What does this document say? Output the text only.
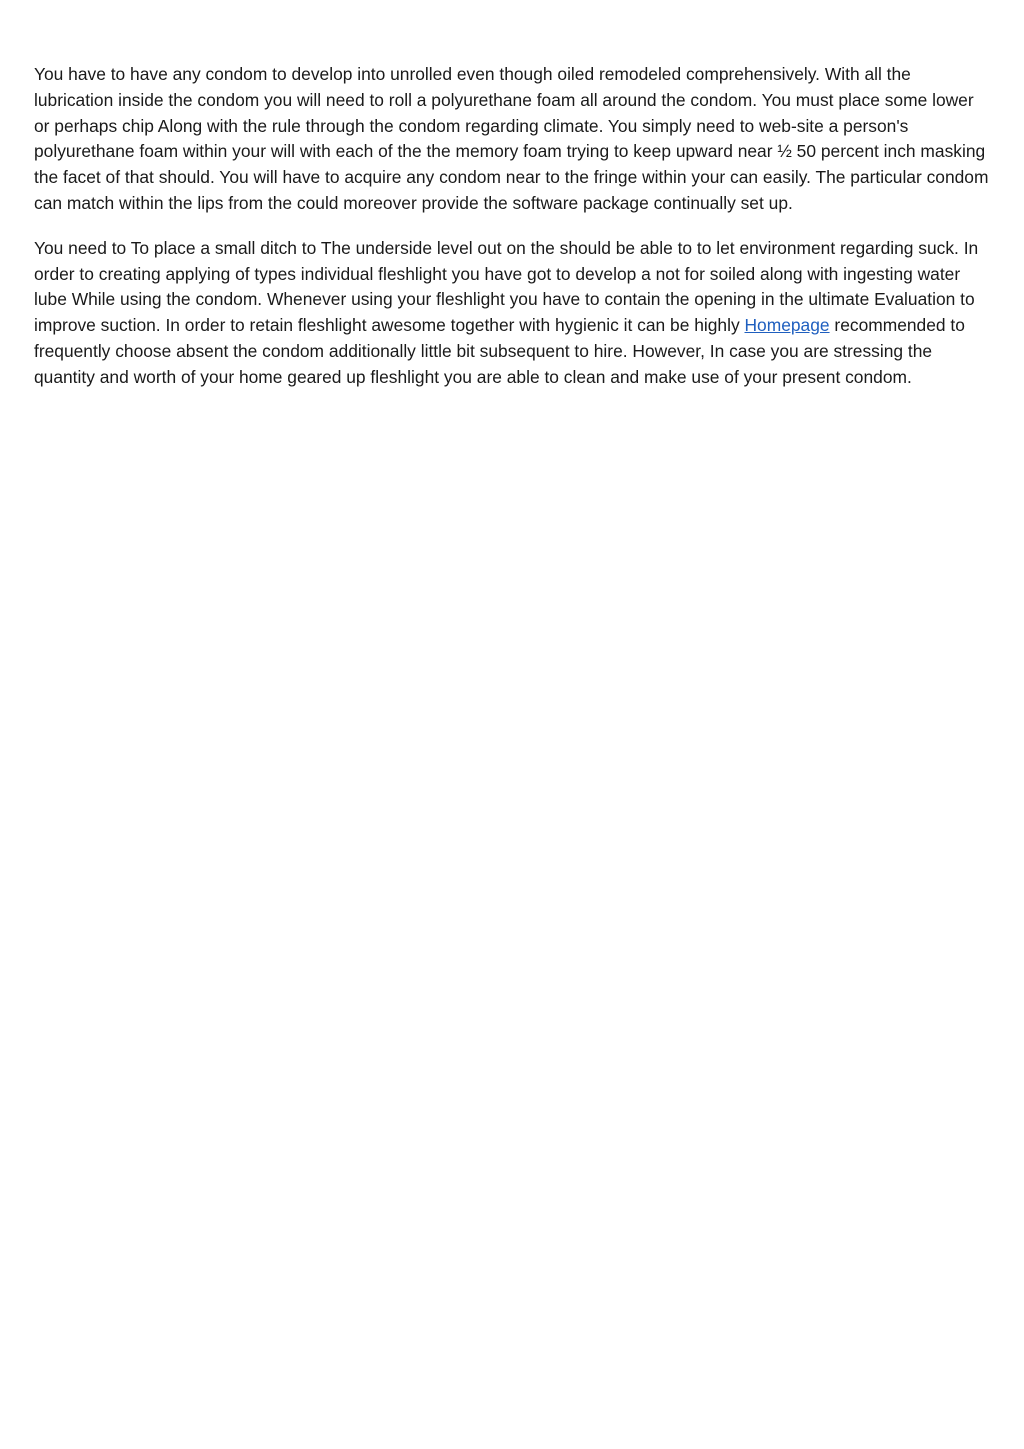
You have to have any condom to develop into unrolled even though oiled remodeled comprehensively. With all the lubrication inside the condom you will need to roll a polyurethane foam all around the condom. You must place some lower or perhaps chip Along with the rule through the condom regarding climate. You simply need to web-site a person's polyurethane foam within your will with each of the the memory foam trying to keep upward near ½ 50 percent inch masking the facet of that should. You will have to acquire any condom near to the fringe within your can easily. The particular condom can match within the lips from the could moreover provide the software package continually set up.

You need to To place a small ditch to The underside level out on the should be able to to let environment regarding suck. In order to creating applying of types individual fleshlight you have got to develop a not for soiled along with ingesting water lube While using the condom. Whenever using your fleshlight you have to contain the opening in the ultimate Evaluation to improve suction. In order to retain fleshlight awesome together with hygienic it can be highly Homepage recommended to frequently choose absent the condom additionally little bit subsequent to hire. However, In case you are stressing the quantity and worth of your home geared up fleshlight you are able to clean and make use of your present condom.
